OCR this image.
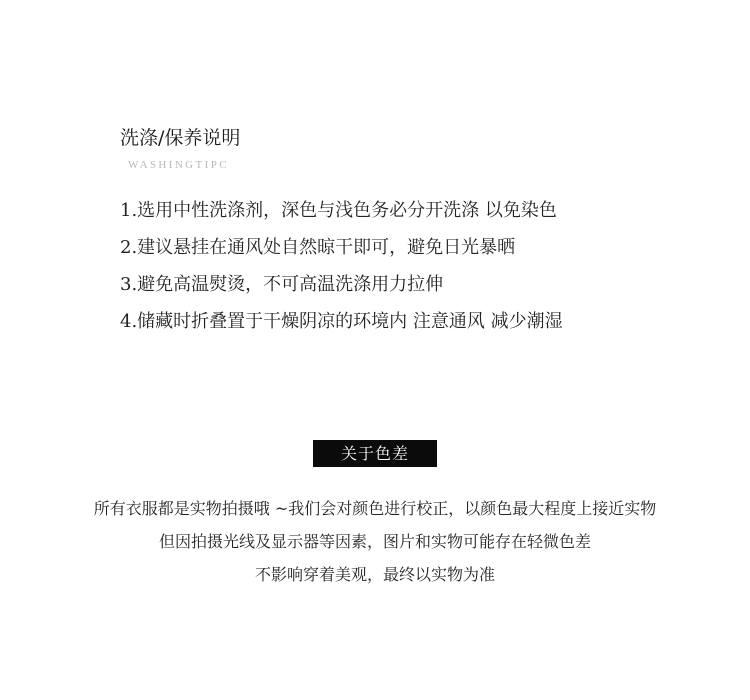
洗涤/保养说明
WASHINGTIPC
1.选用中性洗涤剂，深色与浅色务必分开洗涤 以免染色
2.建议悬挂在通风处自然晾干即可，避免日光暴晒
3.避免高温熨烫，不可高温洗涤用力拉伸
4.储藏时折叠置于干燥阴凉的环境内 注意通风 减少潮湿
关于色差
所有衣服都是实物拍摄哦 ~我们会对颜色进行校正，以颜色最大程度上接近实物
但因拍摄光线及显示器等因素，图片和实物可能存在轻微色差
不影响穿着美观，最终以实物为准
